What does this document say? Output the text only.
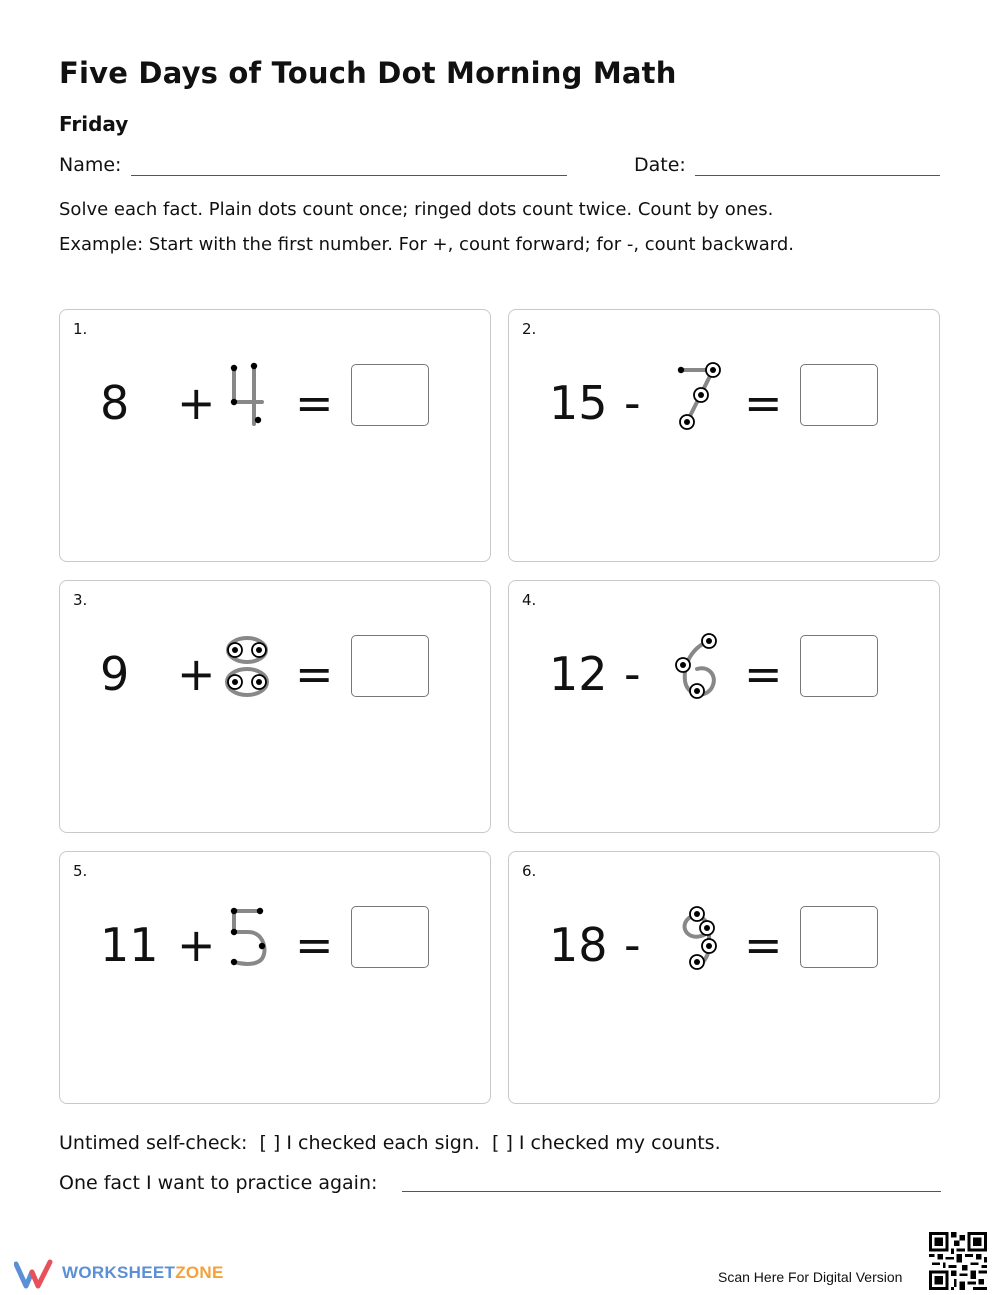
Five Days of Touch Dot Morning Math
Friday
Name:	Date:
Solve each fact. Plain dots count once; ringed dots count twice. Count by ones.
Example: Start with the first number. For +, count forward; for -, count backward.
1.
8 + =
2.
15 - =
3.
9 + =
4.
12 - =
5.
11 + =
6.
18 - =
Untimed self-check:  [ ] I checked each sign.  [ ] I checked my counts.
One fact I want to practice again:
WORKSHEETZONE	Scan Here For Digital Version
